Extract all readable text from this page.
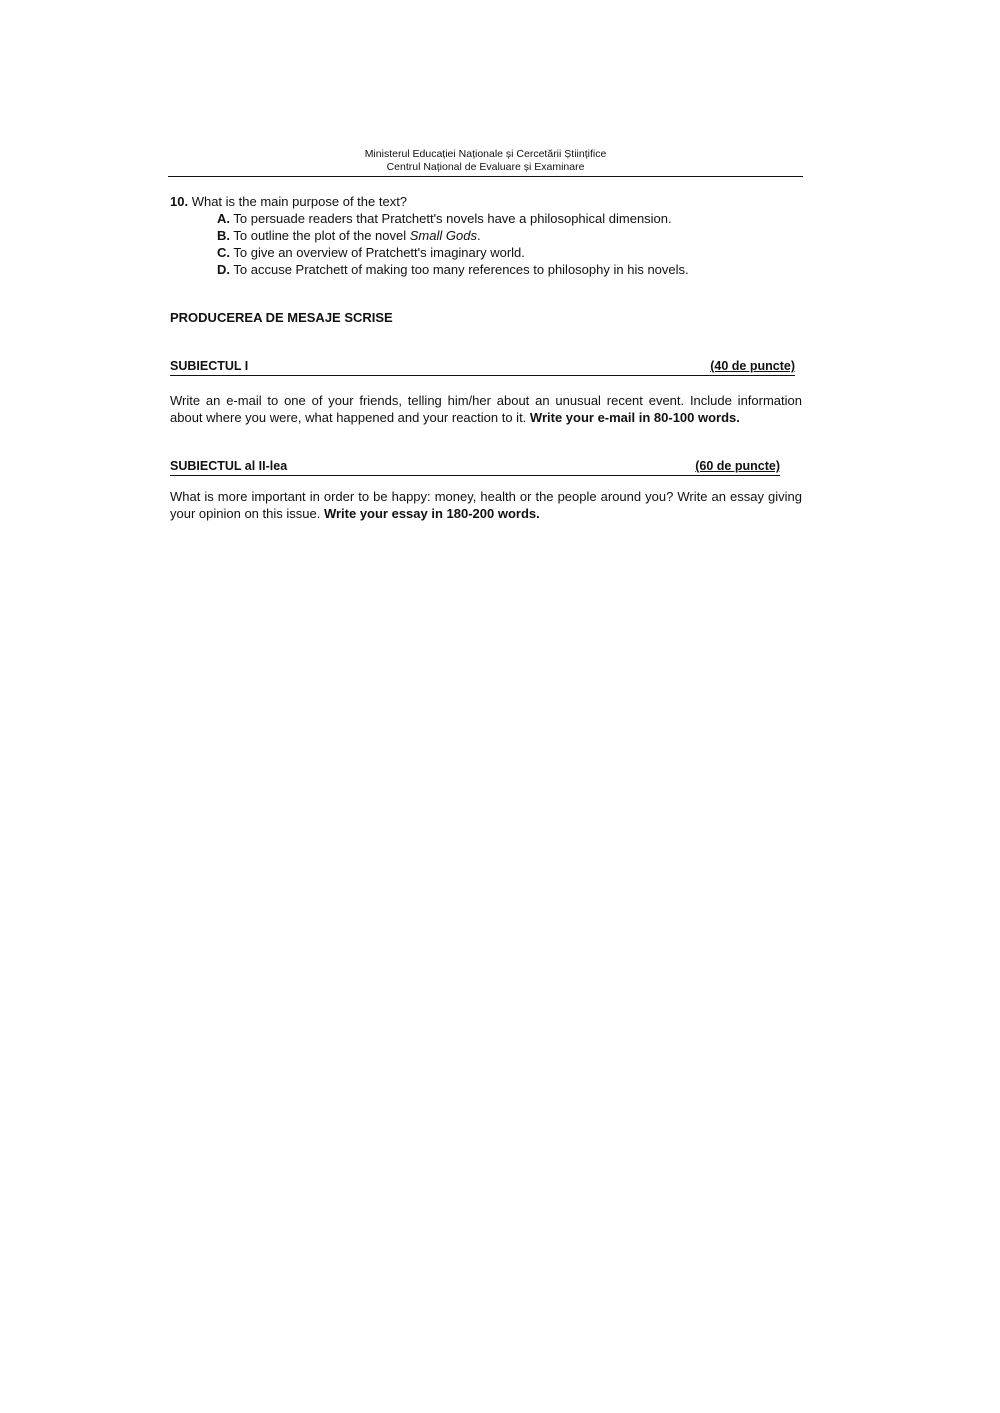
Ministerul Educației Naționale și Cercetării Științifice
Centrul Național de Evaluare și Examinare
10. What is the main purpose of the text?
A. To persuade readers that Pratchett's novels have a philosophical dimension.
B. To outline the plot of the novel Small Gods.
C. To give an overview of Pratchett's imaginary world.
D. To accuse Pratchett of making too many references to philosophy in his novels.
PRODUCEREA DE MESAJE SCRISE
SUBIECTUL I	(40 de puncte)
Write an e-mail to one of your friends, telling him/her about an unusual recent event. Include information about where you were, what happened and your reaction to it. Write your e-mail in 80-100 words.
SUBIECTUL al II-lea	(60 de puncte)
What is more important in order to be happy: money, health or the people around you? Write an essay giving your opinion on this issue. Write your essay in 180-200 words.
